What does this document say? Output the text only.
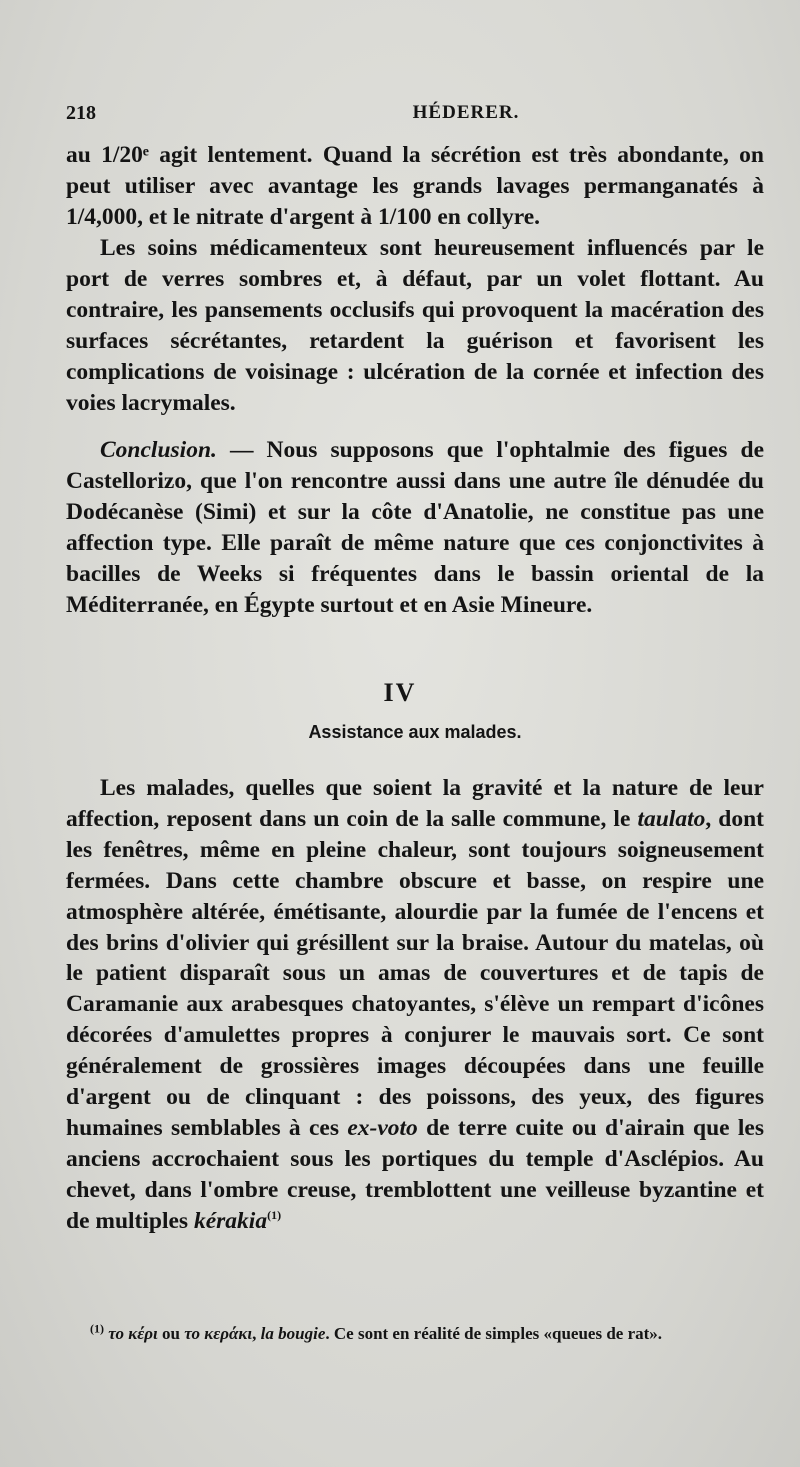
218	HÉDERER.

au 1/20ᵉ agit lentement. Quand la sécrétion est très abondante, on peut utiliser avec avantage les grands lavages permanganatés à 1/4,000, et le nitrate d'argent à 1/100 en collyre.

Les soins médicamenteux sont heureusement influencés par le port de verres sombres et, à défaut, par un volet flottant. Au contraire, les pansements occlusifs qui provoquent la macération des surfaces sécrétantes, retardent la guérison et favorisent les complications de voisinage : ulcération de la cornée et infection des voies lacrymales.

Conclusion. — Nous supposons que l'ophtalmie des figues de Castellorizo, que l'on rencontre aussi dans une autre île dénudée du Dodécanèse (Simi) et sur la côte d'Anatolie, ne constitue pas une affection type. Elle paraît de même nature que ces conjonctivites à bacilles de Weeks si fréquentes dans le bassin oriental de la Méditerranée, en Égypte surtout et en Asie Mineure.

IV
Assistance aux malades.

Les malades, quelles que soient la gravité et la nature de leur affection, reposent dans un coin de la salle commune, le taulato, dont les fenêtres, même en pleine chaleur, sont toujours soigneusement fermées. Dans cette chambre obscure et basse, on respire une atmosphère altérée, émétisante, alourdie par la fumée de l'encens et des brins d'olivier qui grésillent sur la braise. Autour du matelas, où le patient disparaît sous un amas de couvertures et de tapis de Caramanie aux arabesques chatoyantes, s'élève un rempart d'icônes décorées d'amulettes propres à conjurer le mauvais sort. Ce sont généralement de grossières images découpées dans une feuille d'argent ou de clinquant : des poissons, des yeux, des figures humaines semblables à ces ex-voto de terre cuite ou d'airain que les anciens accrochaient sous les portiques du temple d'Asclépios. Au chevet, dans l'ombre creuse, tremblottent une veilleuse byzantine et de multiples kérakia$^{(1)}$

$^{(1)}$ το κέρι ou το κεράκι, la bougie. Ce sont en réalité de simples «queues de rat».
